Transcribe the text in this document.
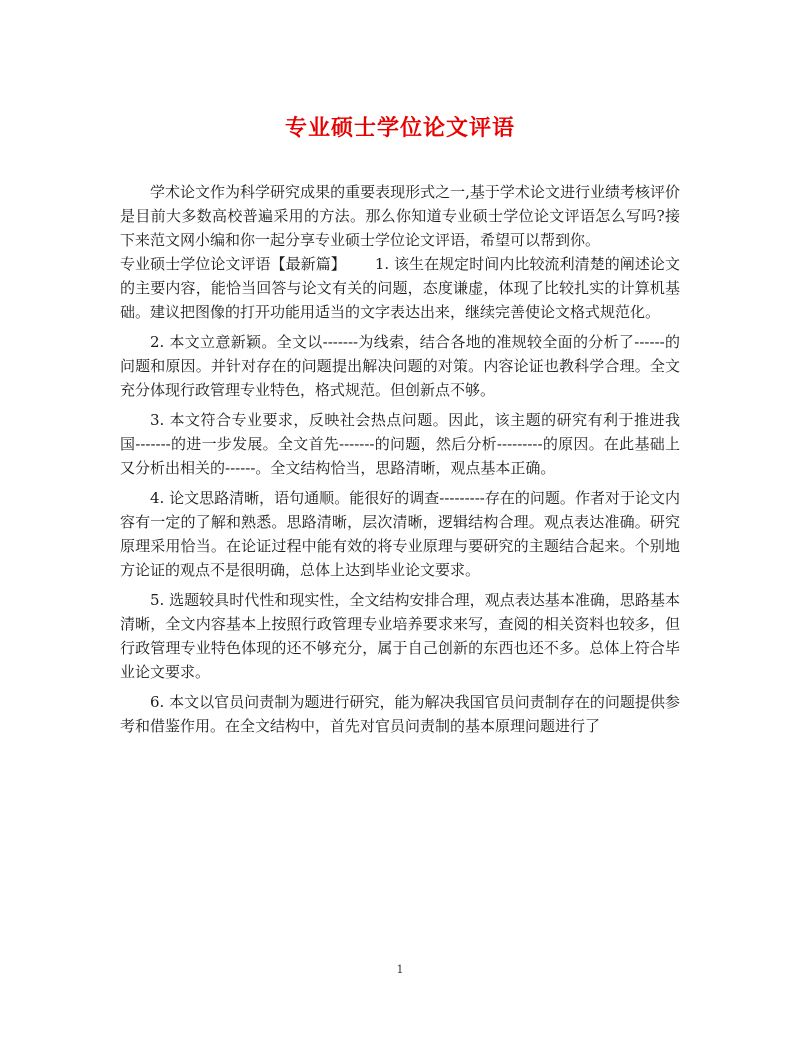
专业硕士学位论文评语

学术论文作为科学研究成果的重要表现形式之一,基于学术论文进行业绩考核评价是目前大多数高校普遍采用的方法。那么你知道专业硕士学位论文评语怎么写吗?接下来范文网小编和你一起分享专业硕士学位论文评语，希望可以帮到你。

专业硕士学位论文评语【最新篇】 1. 该生在规定时间内比较流利清楚的阐述论文的主要内容，能恰当回答与论文有关的问题，态度谦虚，体现了比较扎实的计算机基础。建议把图像的打开功能用适当的文字表达出来，继续完善使论文格式规范化。

2. 本文立意新颖。全文以-------为线索，结合各地的准规较全面的分析了------的问题和原因。并针对存在的问题提出解决问题的对策。内容论证也教科学合理。全文充分体现行政管理专业特色，格式规范。但创新点不够。

3. 本文符合专业要求，反映社会热点问题。因此，该主题的研究有利于推进我国-------的进一步发展。全文首先-------的问题，然后分析---------的原因。在此基础上又分析出相关的------。全文结构恰当，思路清晰，观点基本正确。

4. 论文思路清晰，语句通顺。能很好的调查---------存在的问题。作者对于论文内容有一定的了解和熟悉。思路清晰，层次清晰，逻辑结构合理。观点表达准确。研究原理采用恰当。在论证过程中能有效的将专业原理与要研究的主题结合起来。个别地方论证的观点不是很明确，总体上达到毕业论文要求。

5. 选题较具时代性和现实性，全文结构安排合理，观点表达基本准确，思路基本清晰，全文内容基本上按照行政管理专业培养要求来写，查阅的相关资料也较多，但行政管理专业特色体现的还不够充分，属于自己创新的东西也还不多。总体上符合毕业论文要求。

6. 本文以官员问责制为题进行研究，能为解决我国官员问责制存在的问题提供参考和借鉴作用。在全文结构中，首先对官员问责制的基本原理问题进行了

1
